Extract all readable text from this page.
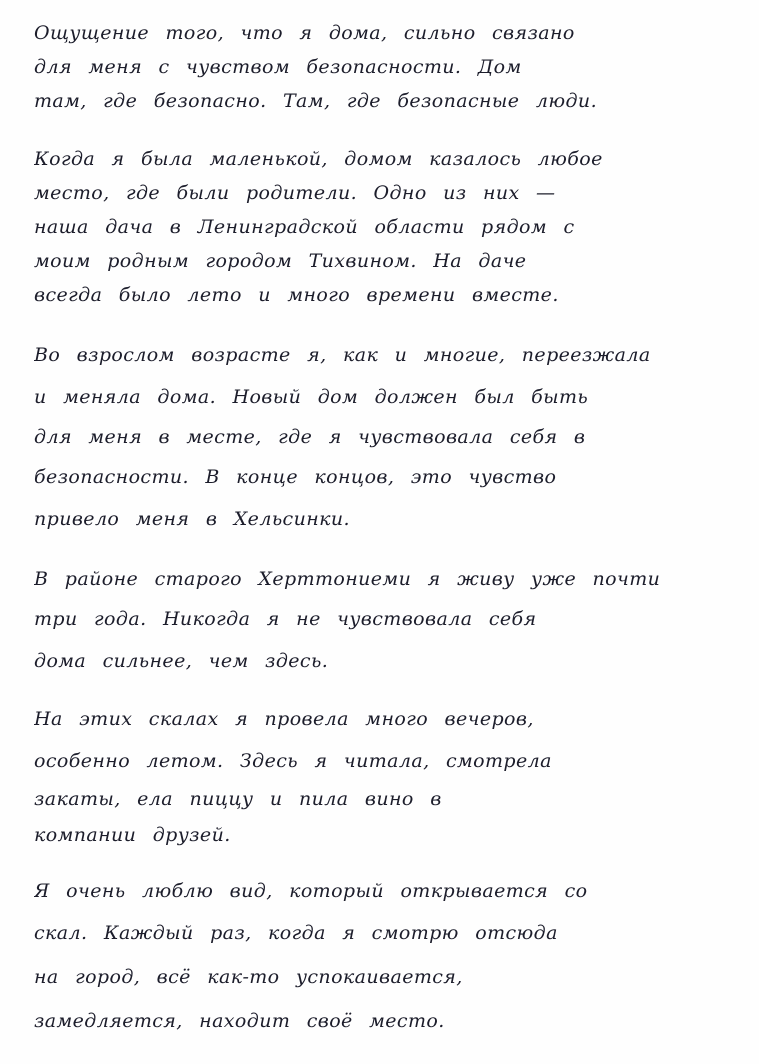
Ощущение того, что я дома, сильно связано

для меня с чувством безопасности. Дом

там, где безопасно. Там, где безопасные люди.

Когда я была маленькой, домом казалось любое

место, где были родители. Одно из них —

наша дача в Ленинградской области рядом с

моим родным городом Тихвином. На даче

всегда было лето и много времени вместе.

Во взрослом возрасте я, как и многие, переезжала

и меняла дома. Новый дом должен был быть

для меня в месте, где я чувствовала себя в

безопасности. В конце концов, это чувство

привело меня в Хельсинки.

В районе старого Херттониеми я живу уже почти

три года. Никогда я не чувствовала себя

дома сильнее, чем здесь.

На этих скалах я провела много вечеров,

особенно летом. Здесь я читала, смотрела

закаты, ела пиццу и пила вино в

компании друзей.

Я очень люблю вид, который открывается со

скал. Каждый раз, когда я смотрю отсюда

на город, всё как-то успокаивается,

замедляется, находит своё место.
